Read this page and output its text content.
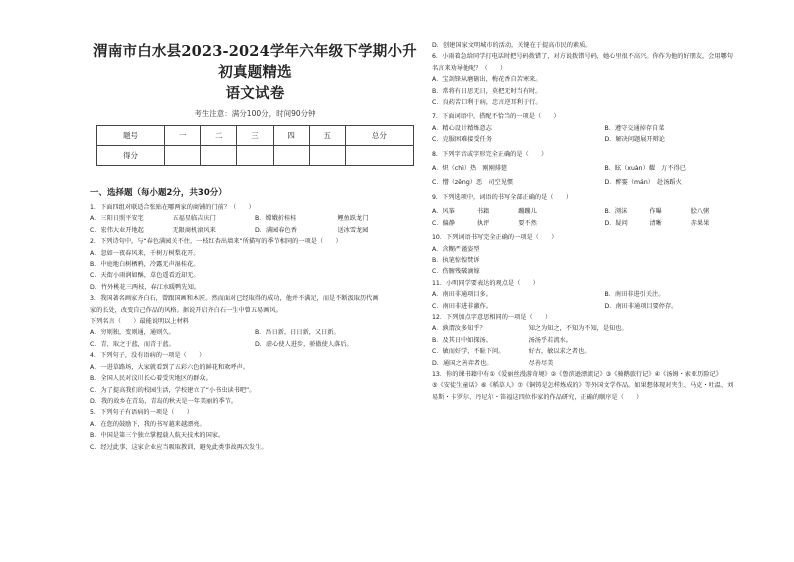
渭南市白水县2023-2024学年六年级下学期小升初真题精选
语文试卷
考生注意：满分100分，时间90分钟
题号	一	二	三	四	五	总分
得分						
一、选择题（每小题2分，共30分）
1．下面四组对联适合张贴在哪两家的商铺的门前？（　　）
A．三阳日照平安宅	五福星临吉庆门	B．嫦娥折桂桂	鲤鱼跃龙门
C．宏伟大业开地起	无限商机滚风来	D．满园春色香	送冰雪龙园
2．下列诗句中，与“春色满园关不住，一枝红杏出墙来”所描写的季节相同的一项是（　　）
A．忽如一夜春风来，千树万树梨花开。
B．中庭地白树栖鸦，冷露无声湿桂花。
C．天街小雨润如酥，草色遥看近却无。
D．竹外桃花三两枝，春江水暖鸭先知。
3．我国著名画家齐白石，曾跟国画和木匠。然而面对已经取得的成功，他并不满足，而是不断汲取历代画
家的长处，改变自己作品的风格。据说开启齐白石一生中曾五易画风。
下列名言（　　）最能说明以上材料
A．穷则独，变则通，通则久。	B．吾日新，日日新，又日新。
C．青，取之于蓝，而青于蓝。	D．虚心使人进步，骄傲使人落后。
4．下列句子，没有语病的一项是（　　）
A．一进草路场，大家就看到了五彩六色的鲜花和欢呼声。
B．全国人民对汶川长心着受灾地区的群众。
C．为了提高我们的校园生活，学校建立了“小书虫读书吧”。
D．我的故乡在青岛，青岛的秋天是一年美丽的季节。
5．下列句子有语病的一项是（　　）
A．在您的鼓励下，我的书写越来越漂亮。
B．中国是第三个独立掌握载人航天技术的国家。
C．经过此事，这家企业应当吸取教训，避免此类事故再次发生。
D．创建国家文明城市的活动，关键在于提高市民的素质。
6．小雨着急给同学打电话时把号码拨错了，对方说拨错号码，她心里很不高兴。你作为他的好朋友，会用哪句
名言来劝导他呢？（　　）
A．宝剑锋从磨砺出，梅花香自苦寒来。
B．常将有日思无日，莫把无时当有时。
C．良药苦口利于病，忠言逆耳利于行。
7．下面词语中，搭配不恰当的一项是（　　）
A．精心设计精炼意志	B．遵守交通掉存自菜
C．克服困难接受任务	D．解决问题展开辩论
8．下列字音或字形完全正确的是（　　）
A．炽（chì）热　刚刚排筵	B．眩（xuàn）耀　万不得已
C．憎（zēng）恶　司空见惯	D．醉霎（mán）　赴汤蹈火
9．下列选项中，词语的书写全部正确的是（　　）
A．风筝	书籍	蹦蹦儿	B．浏沫	作曝	脍八粥
C．偏静	执评	要不然	D．疑问	清晰	赤果果
10．下列词语书写完全正确的一项是（　　）
A．含糊严谨姿型
B．执笔惊惶焚诉
C．伤腑残破滴嫁
11．小明同学要表达的观点是（　　）
A．南田非通项目多。	B．南田非进引关注。
C．南田非进非激作。	D．南田非通项目要停存。
12．下列加点字意思相同的一项是（　　）
A．孰谓汝多知乎？	知之为知之，不知为不知，是知也。
B．及其日中如探汤。	汤汤乎若流水。
C．敏而好学，不耻下问。	好古，敏以求之者也。
D．通国之善弈者也。	尽善尽美
13．你的课书籍中有①《爱丽丝漫游奇境》②《鲁滨逊漂流记》③《骑鹅旅行记》④《汤姆・索亚历险记》
⑤《安徒生童话》⑥《稻草人》⑦《铜铸是怎样炼成的》等外国文学作品。如果想体现对夹生、马克・吐温、刘
易斯・卡罗尔、丹尼尔・笛福这四位作家的作品研究，正确的顺序是（　　）
